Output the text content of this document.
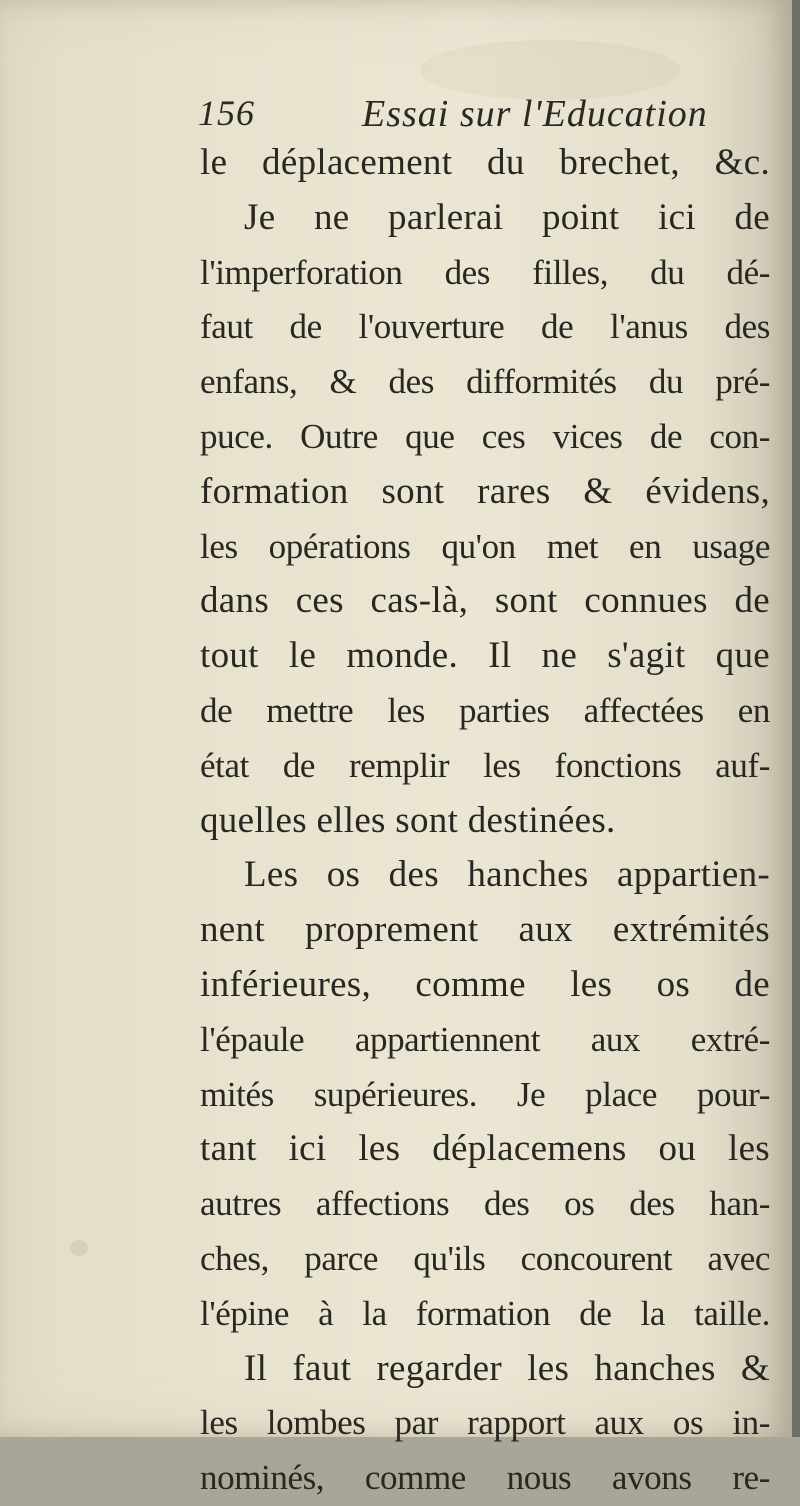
156	Essai sur l'Education
le déplacement du brechet, &c.
Je ne parlerai point ici de
l'imperforation des filles, du dé-
faut de l'ouverture de l'anus des
enfans, & des difformités du pré-
puce. Outre que ces vices de con-
formation sont rares & évidens,
les opérations qu'on met en usage
dans ces cas-là, sont connues de
tout le monde. Il ne s'agit que
de mettre les parties affectées en
état de remplir les fonctions auf-
quelles elles sont destinées.
Les os des hanches appartien-
nent proprement aux extrémités
inférieures, comme les os de
l'épaule appartiennent aux extré-
mités supérieures. Je place pour-
tant ici les déplacemens ou les
autres affections des os des han-
ches, parce qu'ils concourent avec
l'épine à la formation de la taille.
Il faut regarder les hanches &
les lombes par rapport aux os in-
nominés, comme nous avons re-
